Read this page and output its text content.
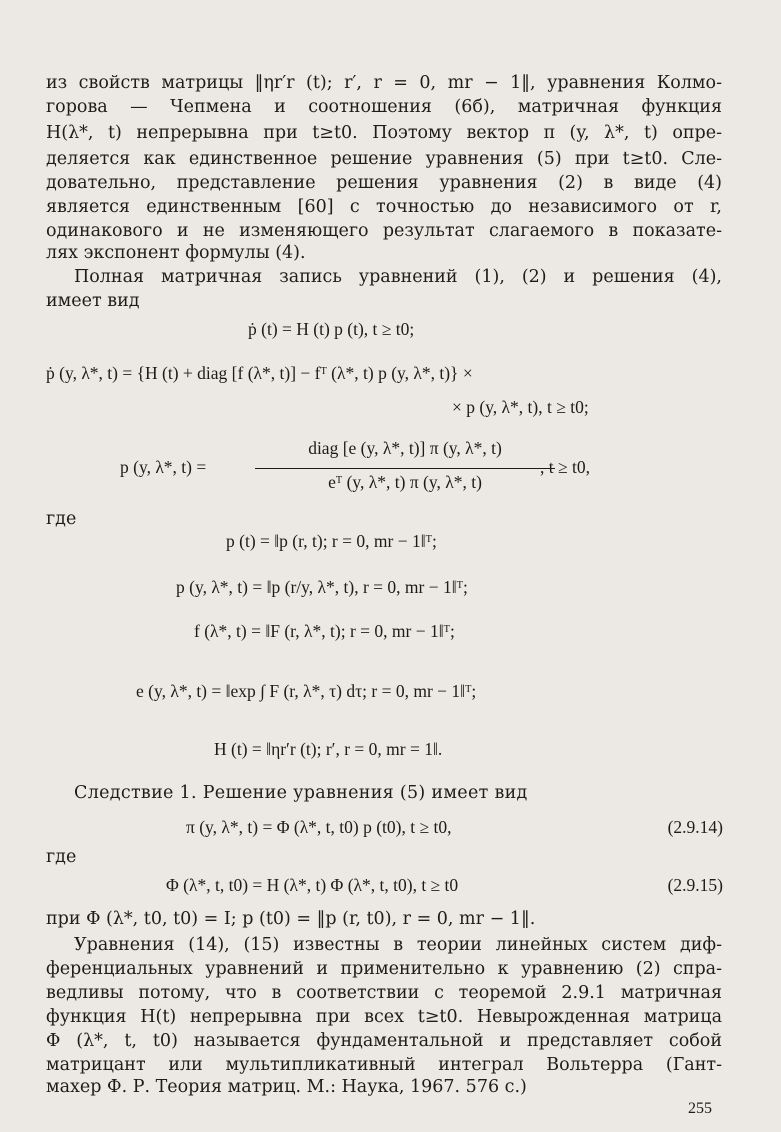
из свойств матрицы ‖ηr′r (t); r′, r = 0, mr − 1‖, уравнения Колмо-
горова — Чепмена и соотношения (6б), матричная функция
H(λ*, t) непрерывна при t≥t0. Поэтому вектор π (y, λ*, t) опре-
деляется как единственное решение уравнения (5) при t≥t0. Сле-
довательно, представление решения уравнения (2) в виде (4)
является единственным [60] с точностью до независимого от r,
одинакового и не изменяющего результат слагаемого в показате-
лях экспонент формулы (4).
Полная матричная запись уравнений (1), (2) и решения (4),
имеет вид
ṗ (t) = H (t) p (t), t ≥ t0;
ṗ (y, λ*, t) = {H (t) + diag [f (λ*, t)] − fᵀ (λ*, t) p (y, λ*, t)} ×
× p (y, λ*, t), t ≥ t0;
p (y, λ*, t) =
diag [e (y, λ*, t)] π (y, λ*, t)
eᵀ (y, λ*, t) π (y, λ*, t)
, t ≥ t0,
где
p (t) = ‖p (r, t); r = 0, mr − 1‖ᵀ;
p (y, λ*, t) = ‖p (r/y, λ*, t), r = 0, mr − 1‖ᵀ;
f (λ*, t) = ‖F (r, λ*, t); r = 0, mr − 1‖ᵀ;
e (y, λ*, t) = ‖exp ∫ F (r, λ*, τ) dτ; r = 0, mr − 1‖ᵀ;
H (t) = ‖ηr′r (t); r′, r = 0, mr = 1‖.
Следствие 1. Решение уравнения (5) имеет вид
π (y, λ*, t) = Φ (λ*, t, t0) p (t0), t ≥ t0,	(2.9.14)
где
Φ (λ*, t, t0) = H (λ*, t) Φ (λ*, t, t0), t ≥ t0	(2.9.15)
при Φ (λ*, t0, t0) = I; p (t0) = ‖p (r, t0), r = 0, mr − 1‖.
Уравнения (14), (15) известны в теории линейных систем диф-
ференциальных уравнений и применительно к уравнению (2) спра-
ведливы потому, что в соответствии с теоремой 2.9.1 матричная
функция H(t) непрерывна при всех t≥t0. Невырожденная матрица
Φ (λ*, t, t0) называется фундаментальной и представляет собой
матрицант или мультипликативный интеграл Вольтерра (Гант-
махер Ф. Р. Теория матриц. М.: Наука, 1967. 576 с.)
255
